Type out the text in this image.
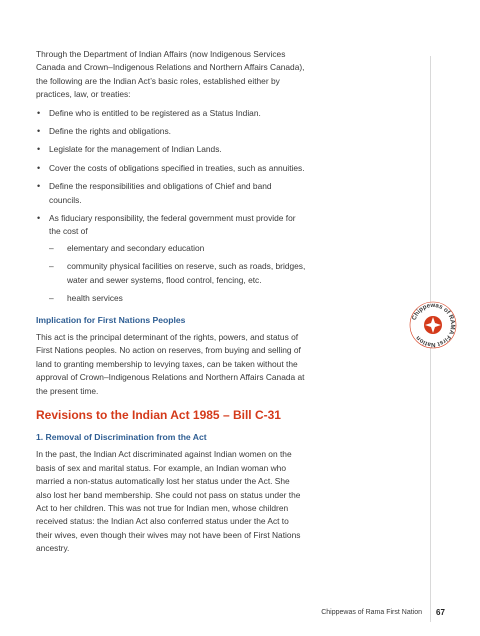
Through the Department of Indian Affairs (now Indigenous Services Canada and Crown–Indigenous Relations and Northern Affairs Canada), the following are the Indian Act’s basic roles, established either by practices, law, or treaties:

• Define who is entitled to be registered as a Status Indian.
• Define the rights and obligations.
• Legislate for the management of Indian Lands.
• Cover the costs of obligations specified in treaties, such as annuities.
• Define the responsibilities and obligations of Chief and band councils.
• As fiduciary responsibility, the federal government must provide for the cost of
– elementary and secondary education
– community physical facilities on reserve, such as roads, bridges, water and sewer systems, flood control, fencing, etc.
– health services
Implication for First Nations Peoples

This act is the principal determinant of the rights, powers, and status of First Nations peoples. No action on reserves, from buying and selling of land to granting membership to levying taxes, can be taken without the approval of Crown–Indigenous Relations and Northern Affairs Canada at the present time.

Revisions to the Indian Act 1985 – Bill C-31
1. Removal of Discrimination from the Act

In the past, the Indian Act discriminated against Indian women on the basis of sex and marital status. For example, an Indian woman who married a non-status automatically lost her status under the Act. She also lost her band membership. She could not pass on status under the Act to her children. This was not true for Indian men, whose children received status: the Indian Act also conferred status under the Act to their wives, even though their wives may not have been of First Nations ancestry.

Chippewas of RAMA First Nation
Chippewas of Rama First Nation 67
